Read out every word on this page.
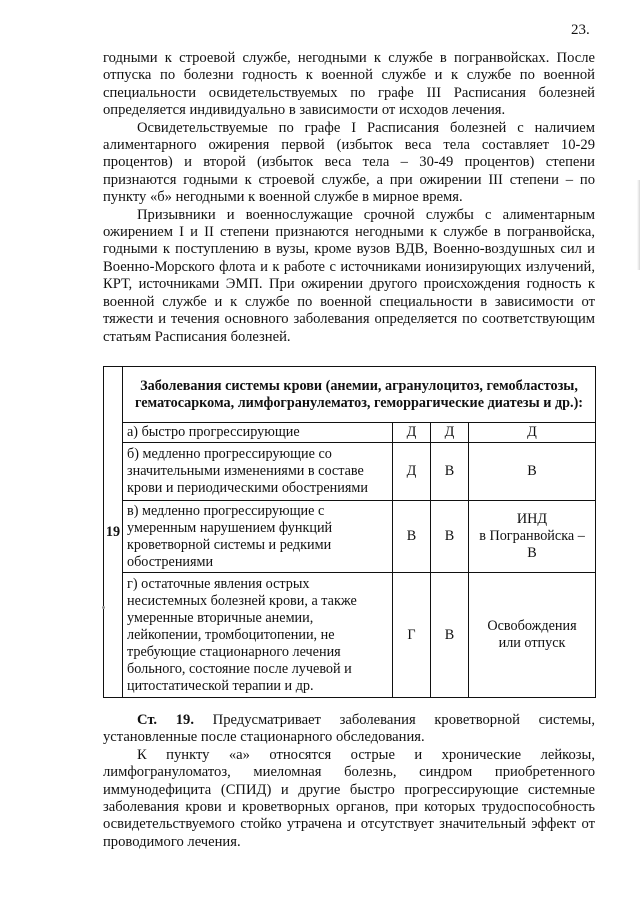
23.

годными к строевой службе, негодными к службе в погранвойсках. После отпуска по болезни годность к военной службе и к службе по военной специальности освидетельствуемых по графе III Расписания болезней определяется индивидуально в зависимости от исходов лечения.

Освидетельствуемые по графе I Расписания болезней с наличием алиментарного ожирения первой (избыток веса тела составляет 10-29 процентов) и второй (избыток веса тела – 30-49 процентов) степени признаются годными к строевой службе, а при ожирении III степени – по пункту «б» негодными к военной службе в мирное время.

Призывники и военнослужащие срочной службы с алиментарным ожирением I и II степени признаются негодными к службе в погранвойска, годными к поступлению в вузы, кроме вузов ВДВ, Военно-воздушных сил и Военно-Морского флота и к работе с источниками ионизирующих излучений, КРТ, источниками ЭМП. При ожирении другого происхождения годность к военной службе и к службе по военной специальности в зависимости от тяжести и течения основного заболевания определяется по соответствующим статьям Расписания болезней.

19	Заболевания системы крови (анемии, агранулоцитоз, гемобластозы, гематосаркома, лимфогранулематоз, геморрагические диатезы и др.):			
	а) быстро прогрессирующие	Д	Д	Д
	б) медленно прогрессирующие со значительными изменениями в составе крови и периодическими обострениями	Д	В	В
	в) медленно прогрессирующие с умеренным нарушением функций кроветворной системы и редкими обострениями	В	В	ИНД
в Погранвойска –
В

	г) остаточные явления острых несистемных болезней крови, а также умеренные вторичные анемии, лейкопении, тромбоцитопении, не требующие стационарного лечения больного, состояние после лучевой и цитостатической терапии и др.	Г	В	Освобождения
или отпуск

Ст. 19. Предусматривает заболевания кроветворной системы, установленные после стационарного обследования.

К пункту «а» относятся острые и хронические лейкозы, лимфогрануломатоз, миеломная болезнь, синдром приобретенного иммунодефицита (СПИД) и другие быстро прогрессирующие системные заболевания крови и кроветворных органов, при которых трудоспособность освидетельствуемого стойко утрачена и отсутствует значительный эффект от проводимого лечения.
